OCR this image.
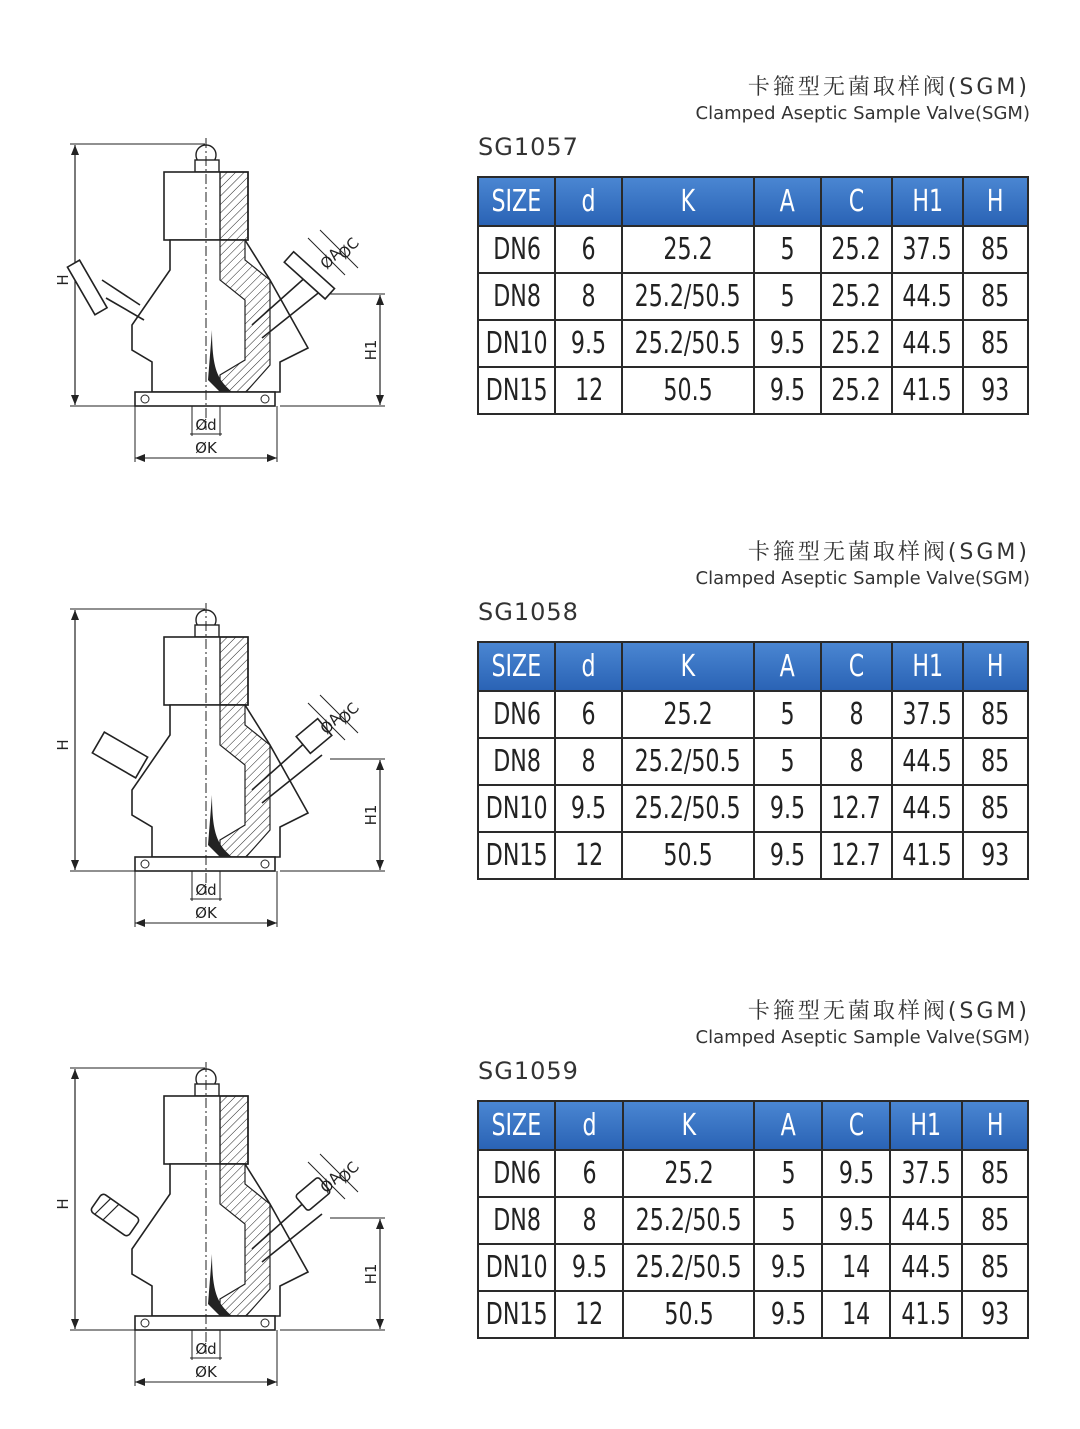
H
H1
ØA
ØC
Ød
ØK
卡箍型无菌取样阀(SGM)
Clamped Aseptic Sample Valve(SGM)
SG1057
SIZE	d	K	A	C	H1	H
DN6	6	25.2	5	25.2	37.5	85
DN8	8	25.2/50.5	5	25.2	44.5	85
DN10	9.5	25.2/50.5	9.5	25.2	44.5	85
DN15	12	50.5	9.5	25.2	41.5	93
H
H1
ØA
ØC
Ød
ØK
卡箍型无菌取样阀(SGM)
Clamped Aseptic Sample Valve(SGM)
SG1058
SIZE	d	K	A	C	H1	H
DN6	6	25.2	5	8	37.5	85
DN8	8	25.2/50.5	5	8	44.5	85
DN10	9.5	25.2/50.5	9.5	12.7	44.5	85
DN15	12	50.5	9.5	12.7	41.5	93
H
H1
ØA
ØC
Ød
ØK
卡箍型无菌取样阀(SGM)
Clamped Aseptic Sample Valve(SGM)
SG1059
SIZE	d	K	A	C	H1	H
DN6	6	25.2	5	9.5	37.5	85
DN8	8	25.2/50.5	5	9.5	44.5	85
DN10	9.5	25.2/50.5	9.5	14	44.5	85
DN15	12	50.5	9.5	14	41.5	93
